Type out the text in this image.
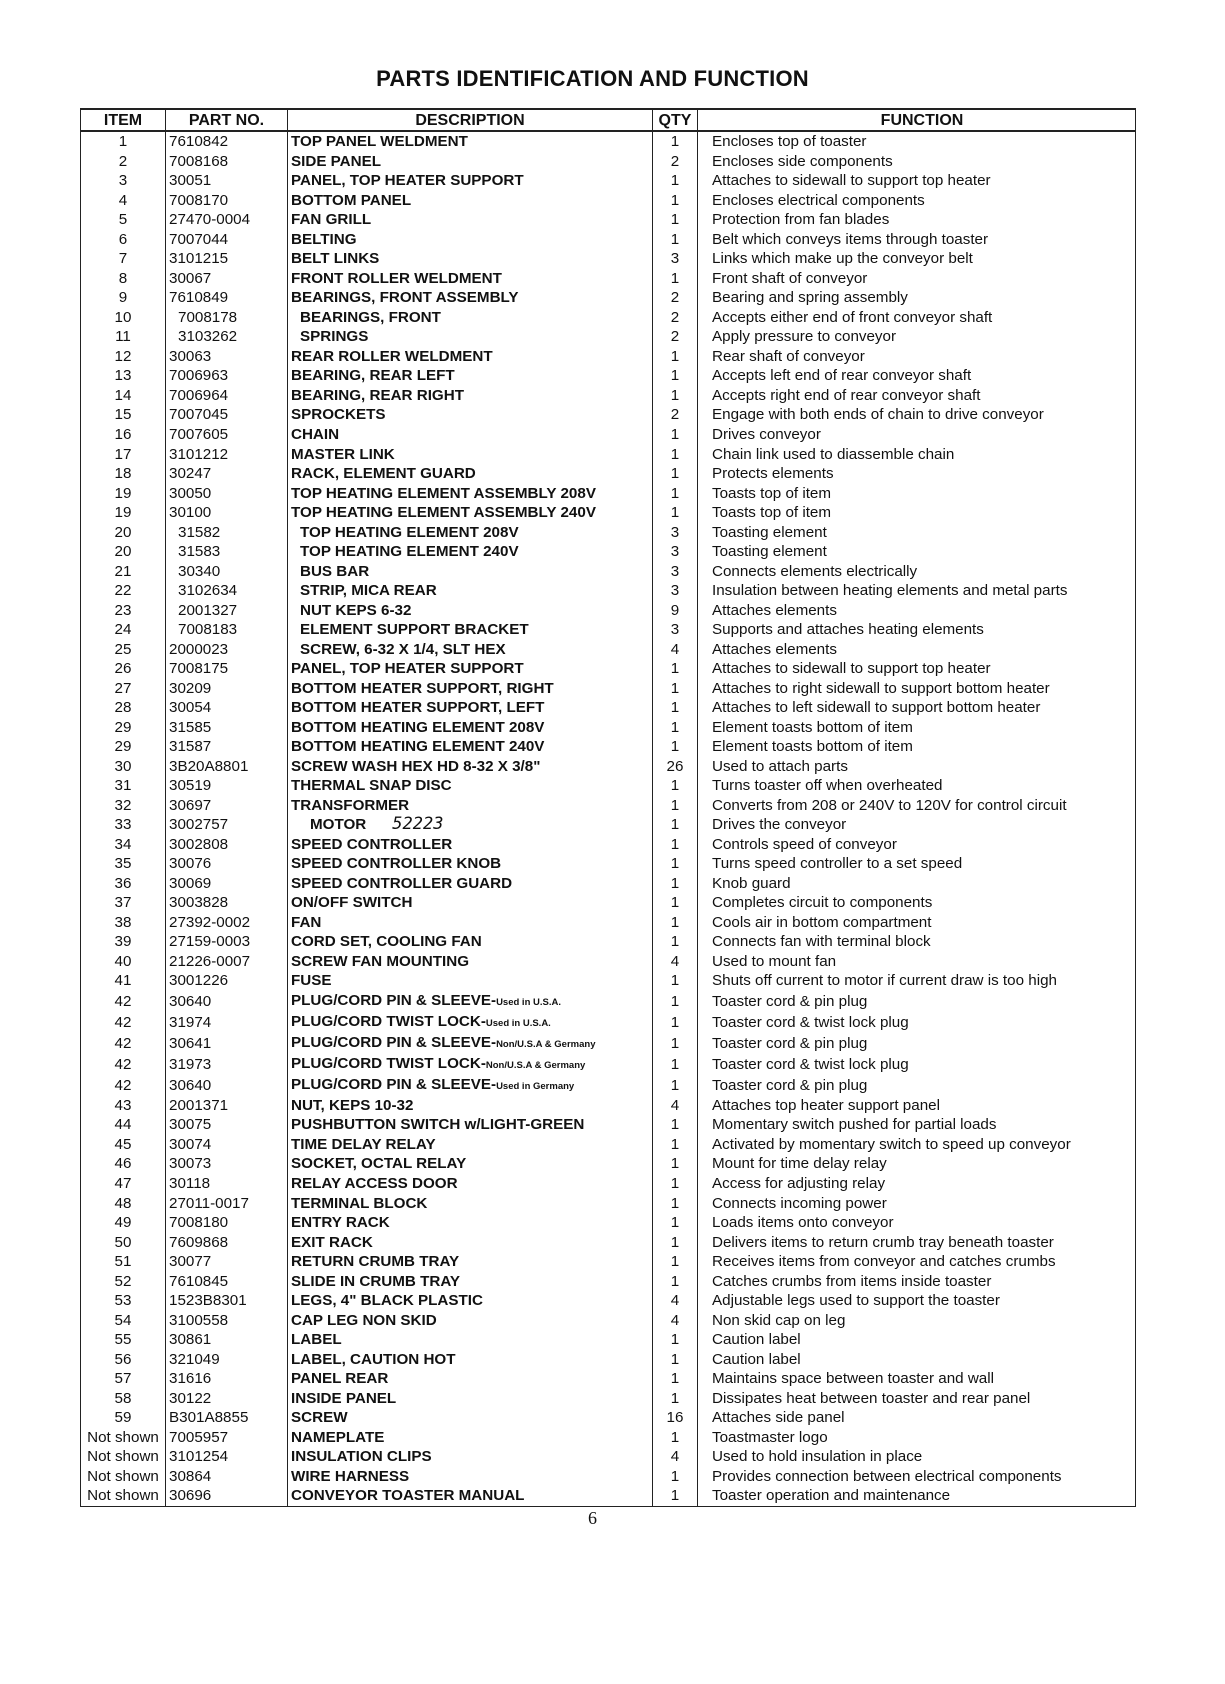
PARTS IDENTIFICATION AND FUNCTION
ITEM	PART NO.	DESCRIPTION	QTY	FUNCTION
1	7610842	TOP PANEL WELDMENT	1	Encloses top of toaster
2	7008168	SIDE PANEL	2	Encloses side components
3	30051	PANEL, TOP HEATER SUPPORT	1	Attaches to sidewall to support top heater
4	7008170	BOTTOM PANEL	1	Encloses electrical components
5	27470-0004	FAN GRILL	1	Protection from fan blades
6	7007044	BELTING	1	Belt which conveys items through toaster
7	3101215	BELT LINKS	3	Links which make up the conveyor belt
8	30067	FRONT ROLLER WELDMENT	1	Front shaft of conveyor
9	7610849	BEARINGS, FRONT ASSEMBLY	2	Bearing and spring assembly
10	7008178	BEARINGS, FRONT	2	Accepts either end of front conveyor shaft
11	3103262	SPRINGS	2	Apply pressure to conveyor
12	30063	REAR ROLLER WELDMENT	1	Rear shaft of conveyor
13	7006963	BEARING, REAR LEFT	1	Accepts left end of rear conveyor shaft
14	7006964	BEARING, REAR RIGHT	1	Accepts right end of rear conveyor shaft
15	7007045	SPROCKETS	2	Engage with both ends of chain to drive conveyor
16	7007605	CHAIN	1	Drives conveyor
17	3101212	MASTER LINK	1	Chain link used to diassemble chain
18	30247	RACK, ELEMENT GUARD	1	Protects elements
19	30050	TOP HEATING ELEMENT ASSEMBLY 208V	1	Toasts top of item
19	30100	TOP HEATING ELEMENT ASSEMBLY 240V	1	Toasts top of item
20	31582	TOP HEATING ELEMENT 208V	3	Toasting element
20	31583	TOP HEATING ELEMENT 240V	3	Toasting element
21	30340	BUS BAR	3	Connects elements electrically
22	3102634	STRIP, MICA REAR	3	Insulation between heating elements and metal parts
23	2001327	NUT KEPS 6-32	9	Attaches elements
24	7008183	ELEMENT SUPPORT BRACKET	3	Supports and attaches heating elements
25	2000023	SCREW, 6-32 X 1/4, SLT HEX	4	Attaches elements
26	7008175	PANEL, TOP HEATER SUPPORT	1	Attaches to sidewall to support top heater
27	30209	BOTTOM HEATER SUPPORT, RIGHT	1	Attaches to right sidewall to support bottom heater
28	30054	BOTTOM HEATER SUPPORT, LEFT	1	Attaches to left sidewall to support bottom heater
29	31585	BOTTOM HEATING ELEMENT 208V	1	Element toasts bottom of item
29	31587	BOTTOM HEATING ELEMENT 240V	1	Element toasts bottom of item
30	3B20A8801	SCREW WASH HEX HD 8-32 X 3/8"	26	Used to attach parts
31	30519	THERMAL SNAP DISC	1	Turns toaster off when overheated
32	30697	TRANSFORMER	1	Converts from 208 or 240V to 120V for control circuit
33	3002757	MOTOR 52223	1	Drives the conveyor
34	3002808	SPEED CONTROLLER	1	Controls speed of conveyor
35	30076	SPEED CONTROLLER KNOB	1	Turns speed controller to a set speed
36	30069	SPEED CONTROLLER GUARD	1	Knob guard
37	3003828	ON/OFF SWITCH	1	Completes circuit to components
38	27392-0002	FAN	1	Cools air in bottom compartment
39	27159-0003	CORD SET, COOLING FAN	1	Connects fan with terminal block
40	21226-0007	SCREW FAN MOUNTING	4	Used to mount fan
41	3001226	FUSE	1	Shuts off current to motor if current draw is too high
42	30640	PLUG/CORD PIN & SLEEVE-Used in U.S.A.	1	Toaster cord & pin plug
42	31974	PLUG/CORD TWIST LOCK-Used in U.S.A.	1	Toaster cord & twist lock plug
42	30641	PLUG/CORD PIN & SLEEVE-Non/U.S.A & Germany	1	Toaster cord & pin plug
42	31973	PLUG/CORD TWIST LOCK-Non/U.S.A & Germany	1	Toaster cord & twist lock plug
42	30640	PLUG/CORD PIN & SLEEVE-Used in Germany	1	Toaster cord & pin plug
43	2001371	NUT, KEPS 10-32	4	Attaches top heater support panel
44	30075	PUSHBUTTON SWITCH w/LIGHT-GREEN	1	Momentary switch pushed for partial loads
45	30074	TIME DELAY RELAY	1	Activated by momentary switch to speed up conveyor
46	30073	SOCKET, OCTAL RELAY	1	Mount for time delay relay
47	30118	RELAY ACCESS DOOR	1	Access for adjusting relay
48	27011-0017	TERMINAL BLOCK	1	Connects incoming power
49	7008180	ENTRY RACK	1	Loads items onto conveyor
50	7609868	EXIT RACK	1	Delivers items to return crumb tray beneath toaster
51	30077	RETURN CRUMB TRAY	1	Receives items from conveyor and catches crumbs
52	7610845	SLIDE IN CRUMB TRAY	1	Catches crumbs from items inside toaster
53	1523B8301	LEGS, 4" BLACK PLASTIC	4	Adjustable legs used to support the toaster
54	3100558	CAP LEG NON SKID	4	Non skid cap on leg
55	30861	LABEL	1	Caution label
56	321049	LABEL, CAUTION HOT	1	Caution label
57	31616	PANEL REAR	1	Maintains space between toaster and wall
58	30122	INSIDE PANEL	1	Dissipates heat between toaster and rear panel
59	B301A8855	SCREW	16	Attaches side panel
Not shown	7005957	NAMEPLATE	1	Toastmaster logo
Not shown	3101254	INSULATION CLIPS	4	Used to hold insulation in place
Not shown	30864	WIRE HARNESS	1	Provides connection between electrical components
Not shown	30696	CONVEYOR TOASTER MANUAL	1	Toaster operation and maintenance
6
